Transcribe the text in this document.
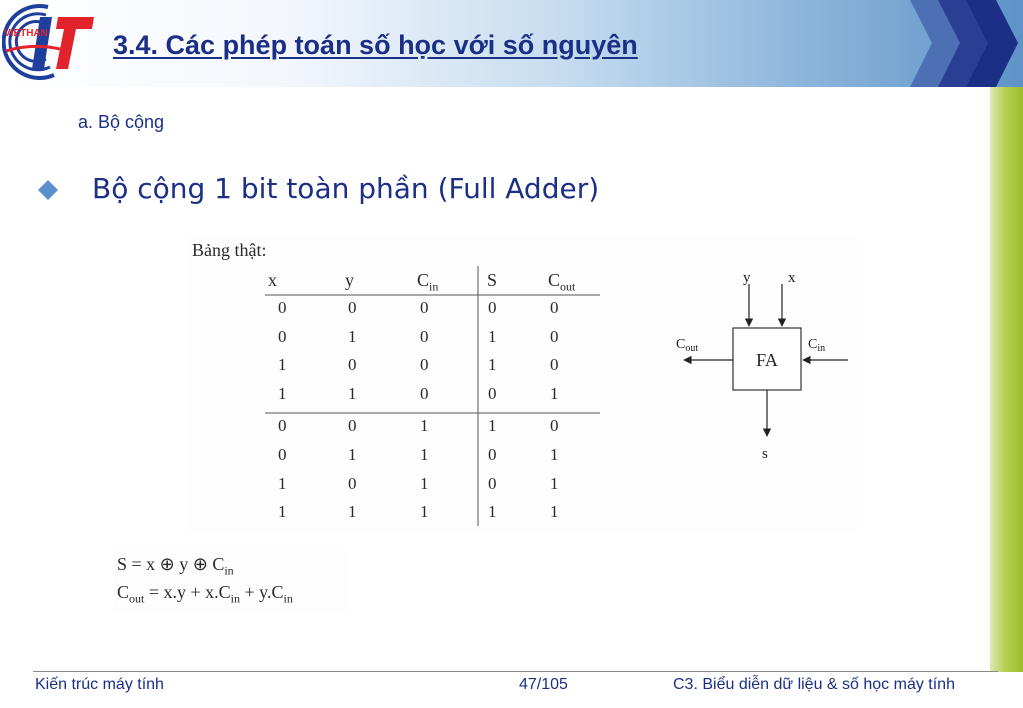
VIETHAN 3.4. Các phép toán số học với số nguyên
a. Bộ cộng
Bộ cộng 1 bit toàn phần (Full Adder)
Bảng thật:
x	y	$C_{in}$	S	$C_{out}$
0	0	0	0	0
0	1	0	1	0
1	0	0	1	0
1	1	0	0	1
0	0	1	1	0
0	1	1	0	1
1	0	1	0	1
1	1	1	1	1
FA
y	x
$C_{out}$	$C_{in}$
s
S = x ⊕ y ⊕ $C_{in}$
$C_{out} = x.y + x.C_{in} + y.C_{in}$
Kiến trúc máy tính	47/105	C3. Biểu diễn dữ liệu & số học máy tính
